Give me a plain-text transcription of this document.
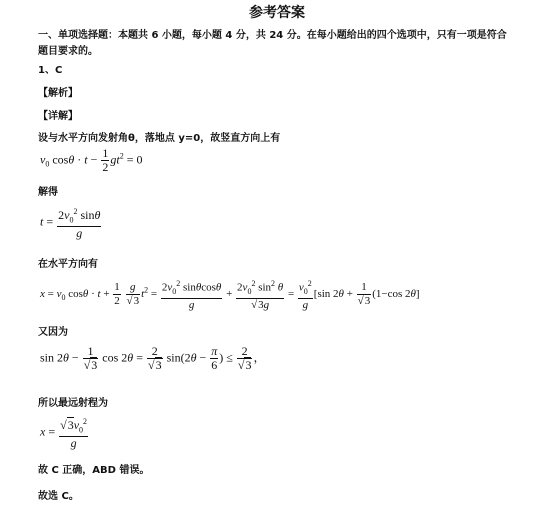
参考答案
一、单项选择题：本题共 6 小题，每小题 4 分，共 24 分。在每小题给出的四个选项中，只有一项是符合
题目要求的。
1、C
【解析】
【详解】
设与水平方向发射角θ，落地点 y=0，故竖直方向上有
$v_0$ $\cos\theta \cdot t - \frac{1}{2} gt^2 = 0$
解得
$t = \frac{2v_0^2 \sin\theta}{g}$
在水平方向有
$x = v_0$ $\cos\theta \cdot t + \frac{1}{2}$
$\frac{g}{√3} t^2 = \frac{2v_0^2 \sin\theta\cos\theta}{g} + \frac{2v_0^2 \sin^2 \theta}{√3g} = \frac{v_0^2}{g} [\sin$ $2\theta + \frac{1}{√3} (1-\cos$ 2θ]
又因为
$\sin 2\theta - \frac{1}{√3}$ $\cos 2\theta = \frac{2}{√3} \sin(2\theta - \frac{\pi}{6}$ ) ≤ $\frac{2}{√3}$ ，
所以最远射程为
$x = \frac{√3v_0^2}{g}$
故 C 正确，ABD 错误。
故选 C。
